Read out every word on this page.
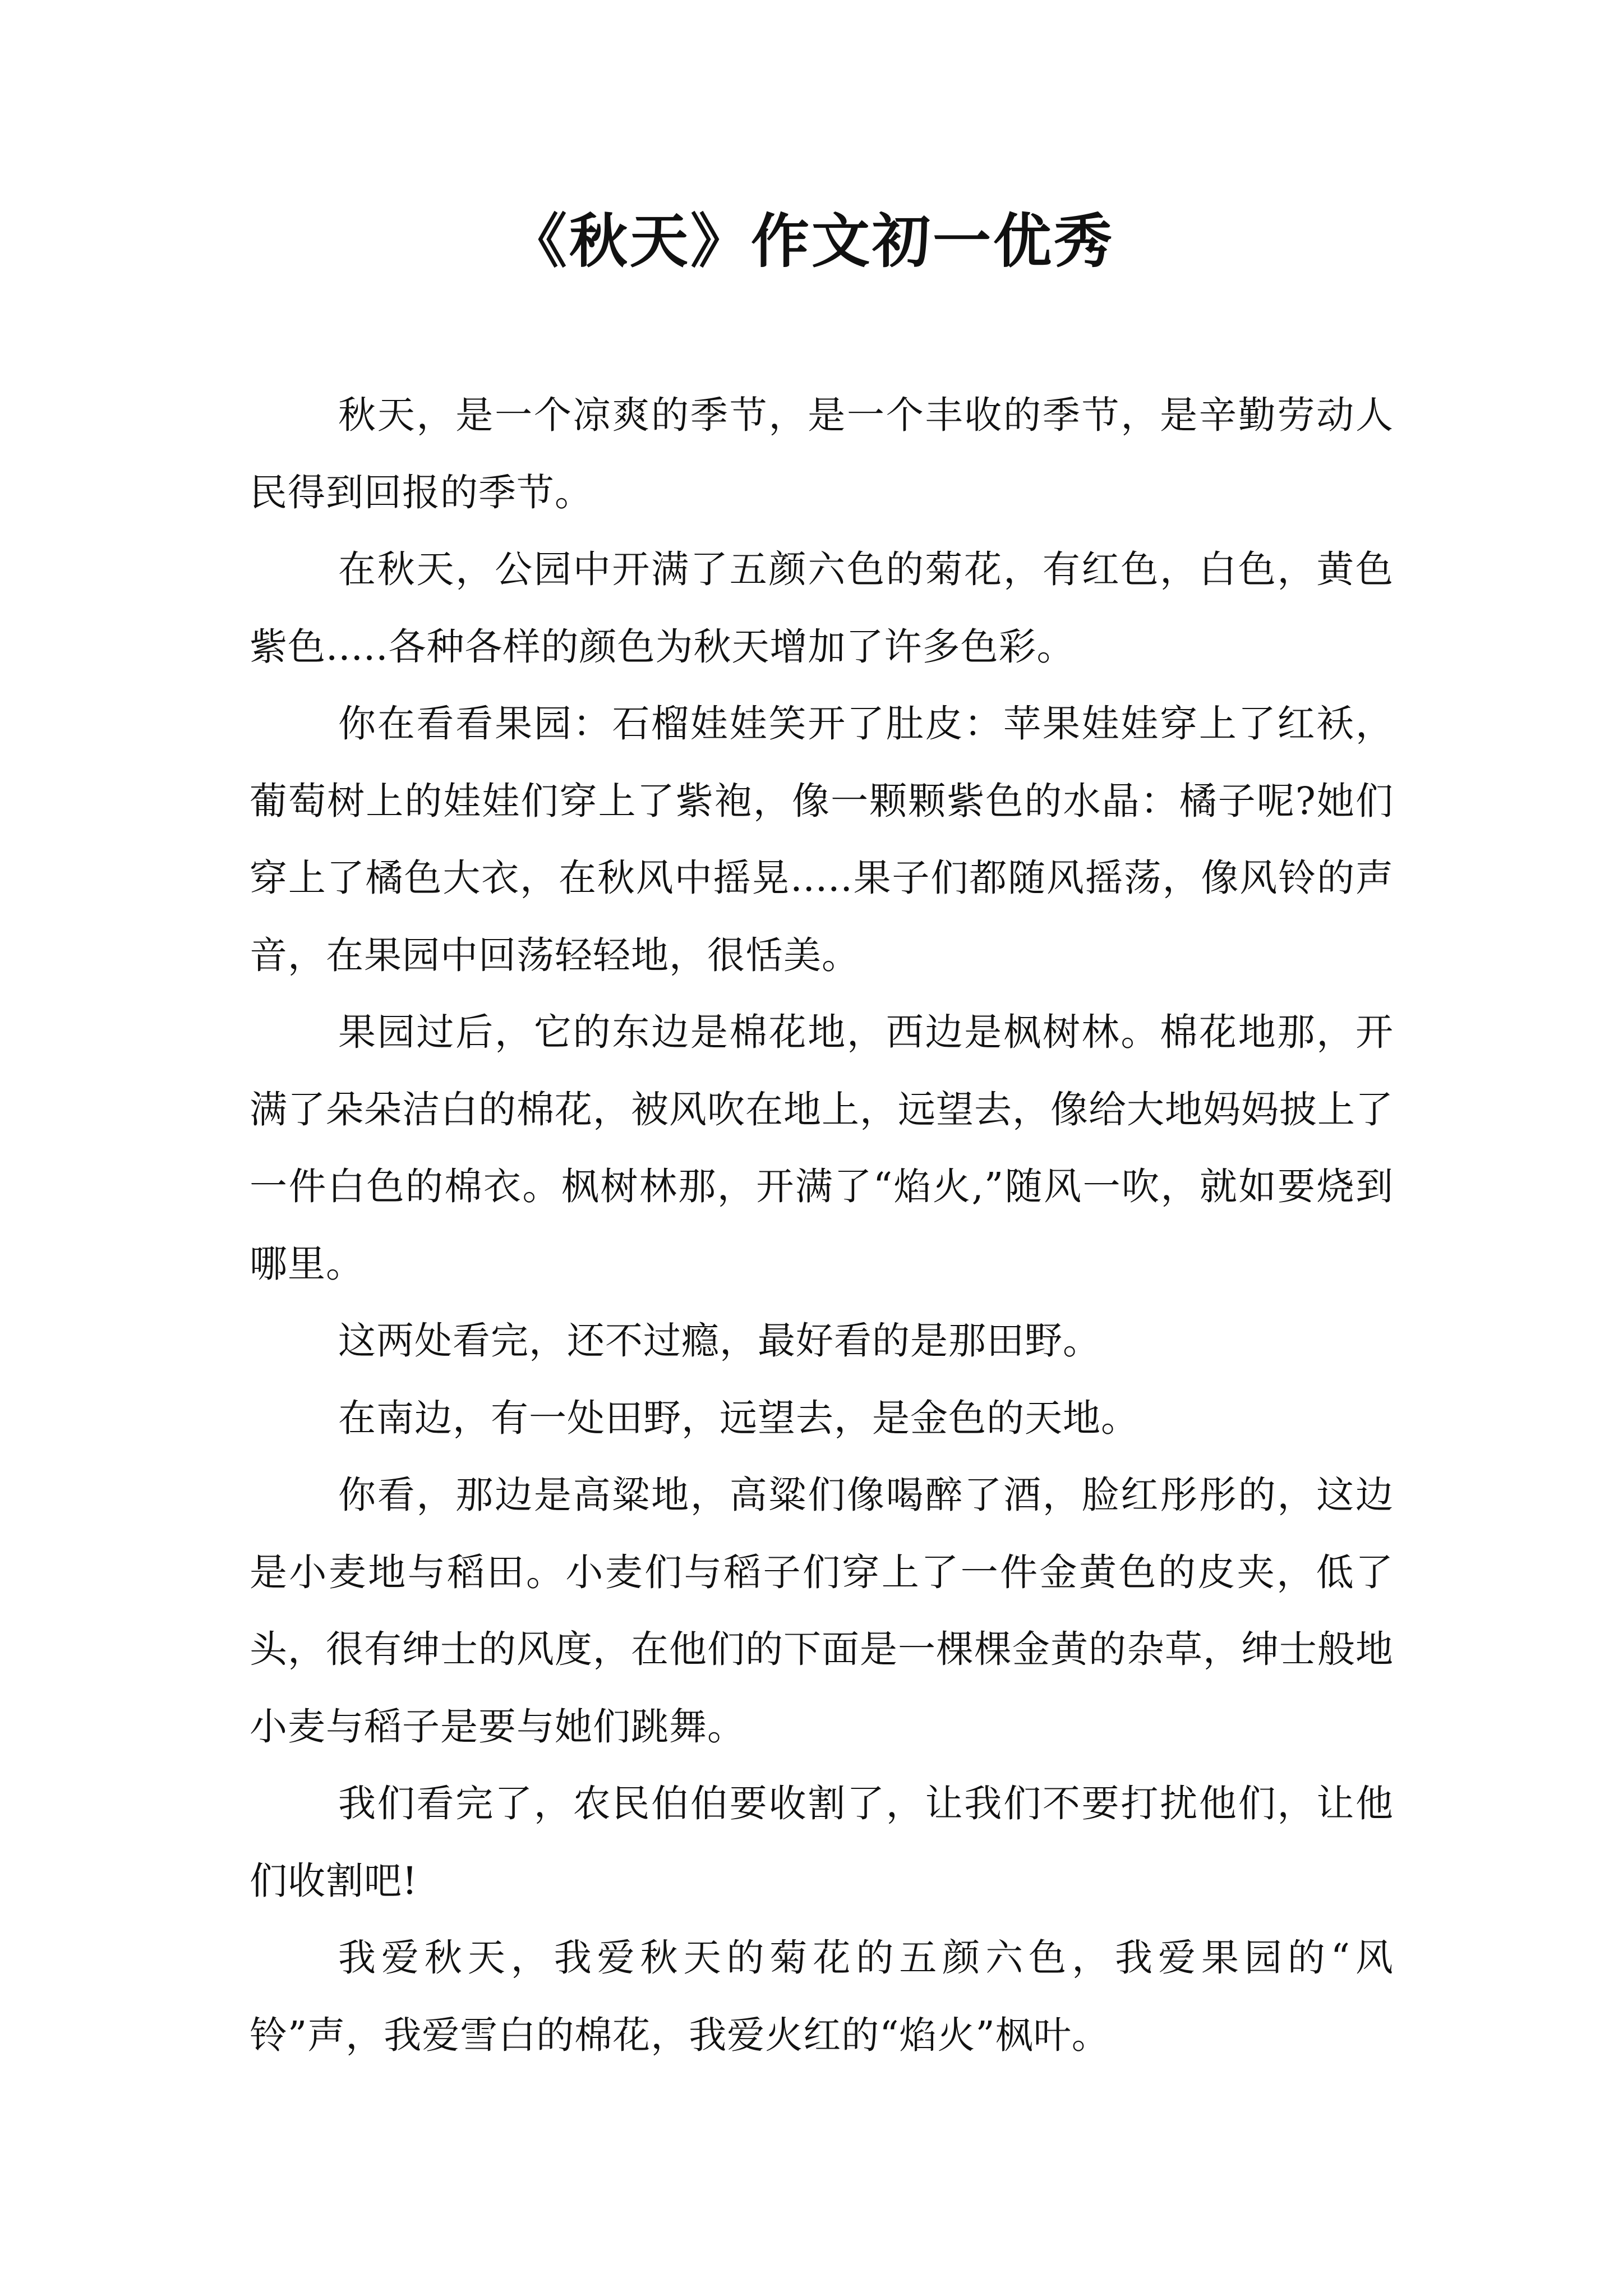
《秋天》作文初一优秀

秋天，是一个凉爽的季节，是一个丰收的季节，是辛勤劳动人民得到回报的季节。

在秋天，公园中开满了五颜六色的菊花，有红色，白色，黄色紫色.....各种各样的颜色为秋天增加了许多色彩。

你在看看果园：石榴娃娃笑开了肚皮：苹果娃娃穿上了红袄，葡萄树上的娃娃们穿上了紫袍，像一颗颗紫色的水晶：橘子呢?她们穿上了橘色大衣，在秋风中摇晃.....果子们都随风摇荡，像风铃的声音，在果园中回荡轻轻地，很恬美。

果园过后，它的东边是棉花地，西边是枫树林。棉花地那，开满了朵朵洁白的棉花，被风吹在地上，远望去，像给大地妈妈披上了一件白色的棉衣。枫树林那，开满了“焰火,”随风一吹，就如要烧到哪里。

这两处看完，还不过瘾，最好看的是那田野。

在南边，有一处田野，远望去，是金色的天地。

你看，那边是高粱地，高粱们像喝醉了酒，脸红彤彤的，这边是小麦地与稻田。小麦们与稻子们穿上了一件金黄色的皮夹，低了头，很有绅士的风度，在他们的下面是一棵棵金黄的杂草，绅士般地小麦与稻子是要与她们跳舞。

我们看完了，农民伯伯要收割了，让我们不要打扰他们，让他们收割吧!

我爱秋天，我爱秋天的菊花的五颜六色，我爱果园的“风铃”声，我爱雪白的棉花，我爱火红的“焰火”枫叶。
